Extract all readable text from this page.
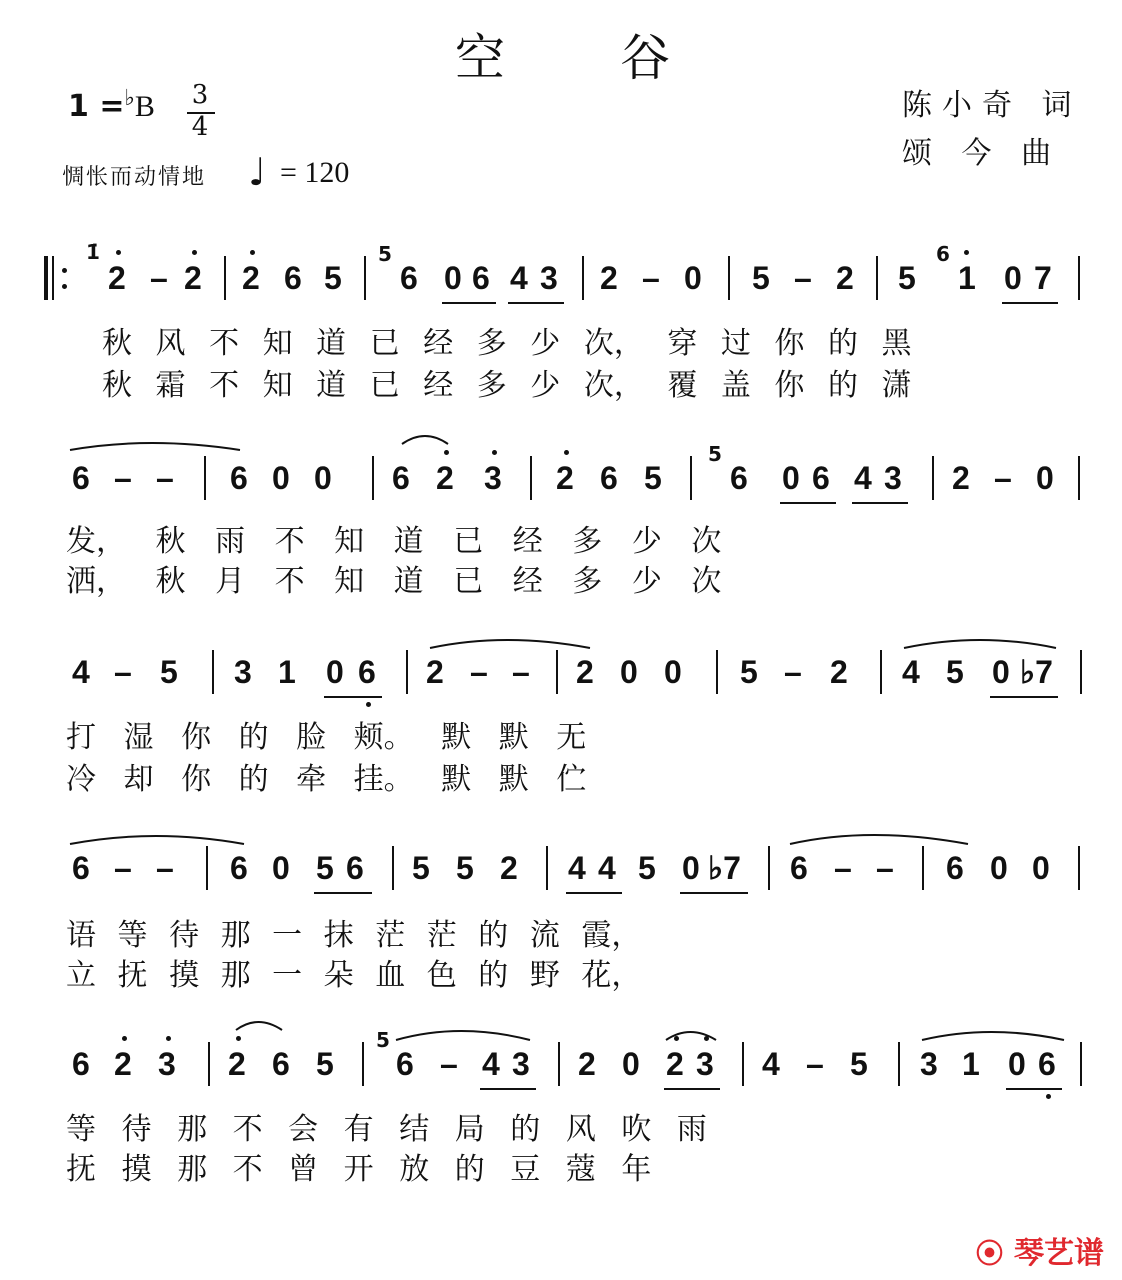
空 谷
1 =♭B 3
4
惆怅而动情地 ♩ = 120
陈小奇 词
颂 今 曲
1̇
2 – 2 2 6 5
5
6 0 6 4 3 2 – 0 5 – 2 5
6
1 0 7
秋 风 不 知 道 已 经 多 少 次， 穿 过 你 的 黑
秋 霜 不 知 道 已 经 多 少 次， 覆 盖 你 的 潇
6 – – 6 0 0 6 2 3 2 6 5
5
6 0 6 4 3 2 – 0
发， 秋 雨 不 知 道 已 经 多 少 次
洒， 秋 月 不 知 道 已 经 多 少 次
4 – 5 3 1 0 6 2 – – 2 0 0 5 – 2 4 5 0 ♭7
打 湿 你 的 脸 颊。 默 默 无
冷 却 你 的 牵 挂。 默 默 伫
6 – – 6 0 5 6 5 5 2 4 4 5 0 ♭7 6 – – 6 0 0
语 等 待 那 一 抹 茫 茫 的 流 霞，
立 抚 摸 那 一 朵 血 色 的 野 花，
6 2 3 2 6 5
5
6 – 4 3 2 0 2 3 4 – 5 3 1 0 6
等 待 那 不 会 有 结 局 的 风 吹 雨
抚 摸 那 不 曾 开 放 的 豆 蔻 年
⦿ 琴艺谱
